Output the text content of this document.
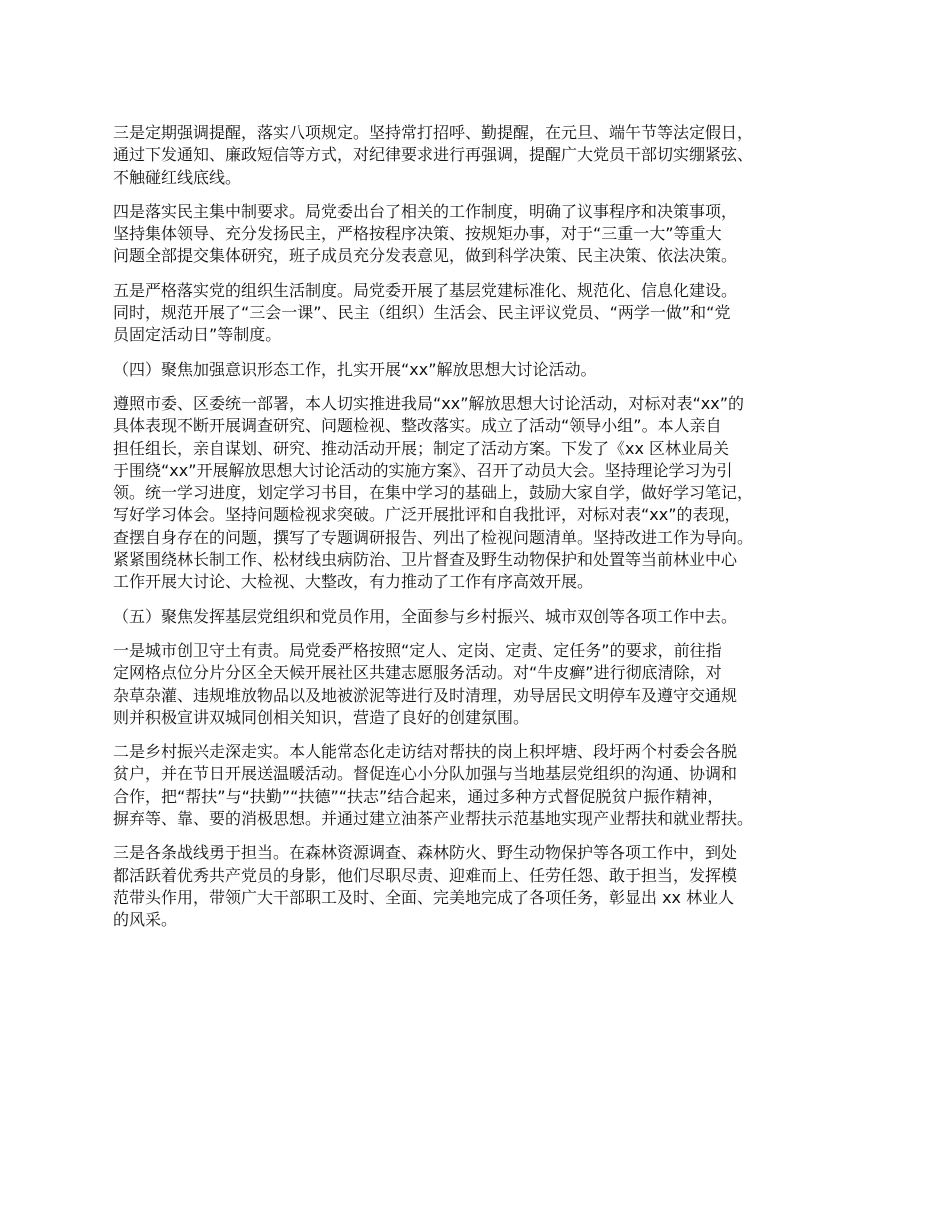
三是定期强调提醒，落实八项规定。坚持常打招呼、勤提醒，在元旦、端午节等法定假日，
通过下发通知、廉政短信等方式，对纪律要求进行再强调，提醒广大党员干部切实绷紧弦、
不触碰红线底线。

四是落实民主集中制要求。局党委出台了相关的工作制度，明确了议事程序和决策事项，
坚持集体领导、充分发扬民主，严格按程序决策、按规矩办事，对于“三重一大”等重大
问题全部提交集体研究，班子成员充分发表意见，做到科学决策、民主决策、依法决策。

五是严格落实党的组织生活制度。局党委开展了基层党建标准化、规范化、信息化建设。
同时，规范开展了“三会一课”、民主（组织）生活会、民主评议党员、“两学一做”和“党
员固定活动日”等制度。

（四）聚焦加强意识形态工作，扎实开展“xx”解放思想大讨论活动。

遵照市委、区委统一部署，本人切实推进我局“xx”解放思想大讨论活动，对标对表“xx”的
具体表现不断开展调查研究、问题检视、整改落实。成立了活动“领导小组”。本人亲自
担任组长，亲自谋划、研究、推动活动开展；制定了活动方案。下发了《xx 区林业局关
于围绕“xx”开展解放思想大讨论活动的实施方案》、召开了动员大会。坚持理论学习为引
领。统一学习进度，划定学习书目，在集中学习的基础上，鼓励大家自学，做好学习笔记，
写好学习体会。坚持问题检视求突破。广泛开展批评和自我批评，对标对表“xx”的表现，
查摆自身存在的问题，撰写了专题调研报告、列出了检视问题清单。坚持改进工作为导向。
紧紧围绕林长制工作、松材线虫病防治、卫片督查及野生动物保护和处置等当前林业中心
工作开展大讨论、大检视、大整改，有力推动了工作有序高效开展。

（五）聚焦发挥基层党组织和党员作用，全面参与乡村振兴、城市双创等各项工作中去。

一是城市创卫守土有责。局党委严格按照“定人、定岗、定责、定任务”的要求，前往指
定网格点位分片分区全天候开展社区共建志愿服务活动。对“牛皮癣”进行彻底清除，对
杂草杂灌、违规堆放物品以及地被淤泥等进行及时清理，劝导居民文明停车及遵守交通规
则并积极宣讲双城同创相关知识，营造了良好的创建氛围。

二是乡村振兴走深走实。本人能常态化走访结对帮扶的岗上积坪塘、段圩两个村委会各脱
贫户，并在节日开展送温暖活动。督促连心小分队加强与当地基层党组织的沟通、协调和
合作，把“帮扶”与“扶勤”“扶德”“扶志”结合起来，通过多种方式督促脱贫户振作精神，
摒弃等、靠、要的消极思想。并通过建立油茶产业帮扶示范基地实现产业帮扶和就业帮扶。

三是各条战线勇于担当。在森林资源调查、森林防火、野生动物保护等各项工作中，到处
都活跃着优秀共产党员的身影，他们尽职尽责、迎难而上、任劳任怨、敢于担当，发挥模
范带头作用，带领广大干部职工及时、全面、完美地完成了各项任务，彰显出 xx 林业人
的风采。
